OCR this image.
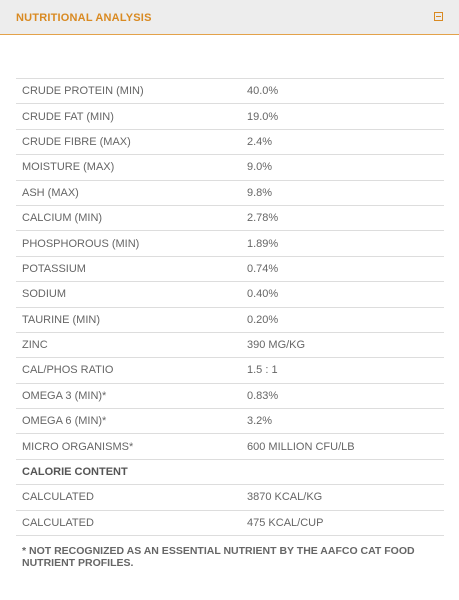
NUTRITIONAL ANALYSIS
CRUDE PROTEIN (MIN)	40.0%
CRUDE FAT (MIN)	19.0%
CRUDE FIBRE (MAX)	2.4%
MOISTURE (MAX)	9.0%
ASH (MAX)	9.8%
CALCIUM (MIN)	2.78%
PHOSPHOROUS (MIN)	1.89%
POTASSIUM	0.74%
SODIUM	0.40%
TAURINE (MIN)	0.20%
ZINC	390 MG/KG
CAL/PHOS RATIO	1.5 : 1
OMEGA 3 (MIN)*	0.83%
OMEGA 6 (MIN)*	3.2%
MICRO ORGANISMS*	600 MILLION CFU/LB
CALORIE CONTENT
CALCULATED	3870 KCAL/KG
CALCULATED	475 KCAL/CUP
* NOT RECOGNIZED AS AN ESSENTIAL NUTRIENT BY THE AAFCO CAT FOOD NUTRIENT PROFILES.
